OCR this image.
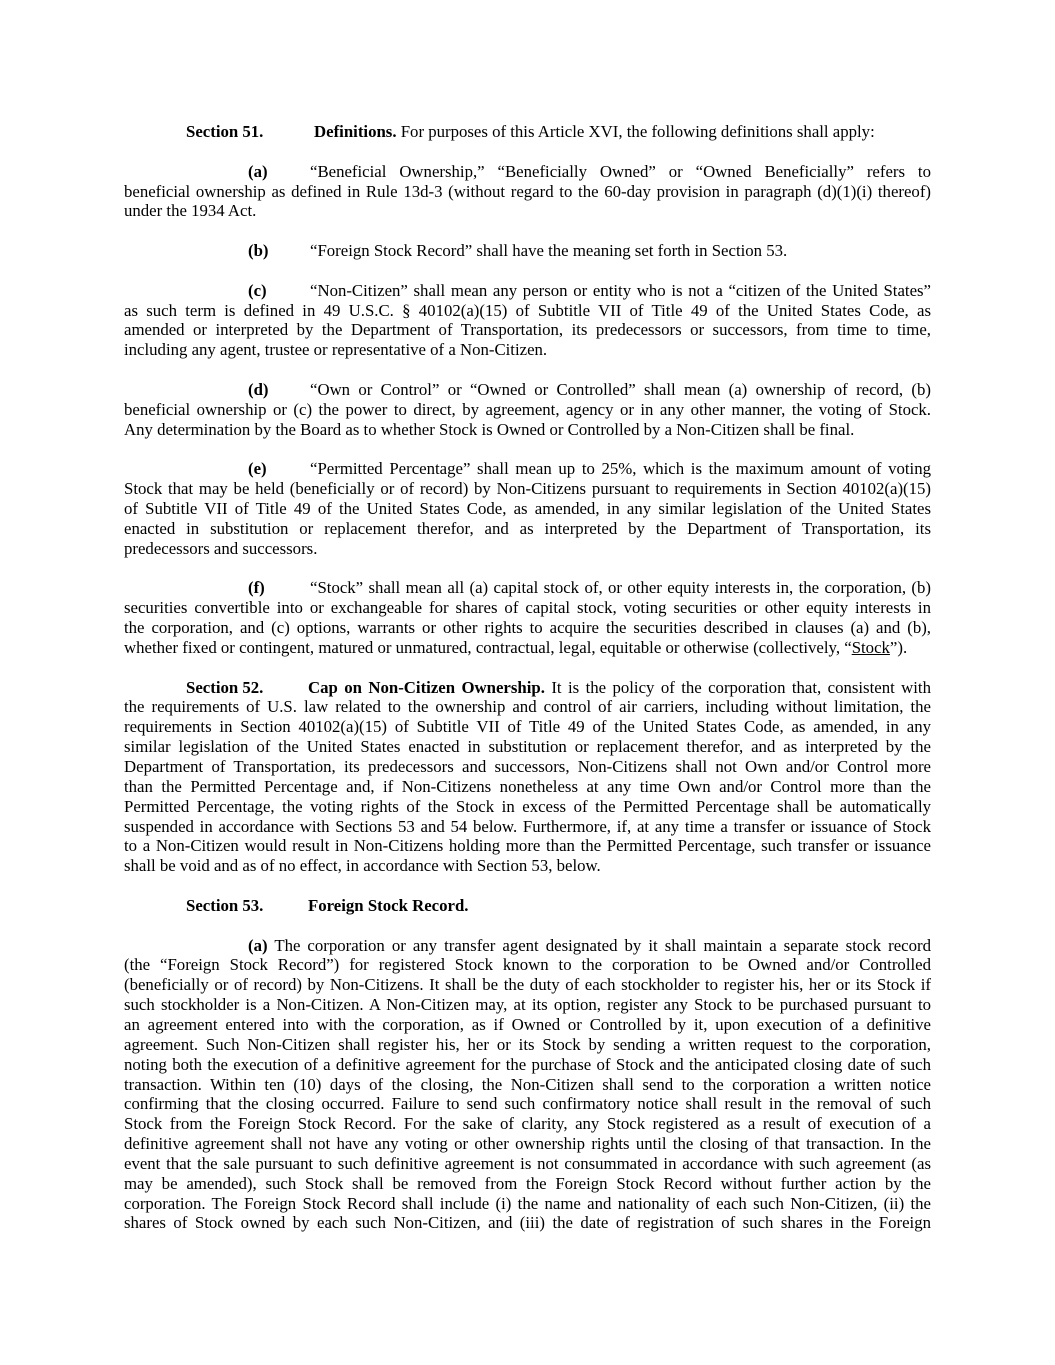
Section 51.	Definitions. For purposes of this Article XVI, the following definitions shall apply:
(a)	“Beneficial Ownership,” “Beneficially Owned” or “Owned Beneficially” refers to
beneficial ownership as defined in Rule 13d-3 (without regard to the 60-day provision in paragraph (d)(1)(i) thereof)
under the 1934 Act.
(b) “Foreign Stock Record” shall have the meaning set forth in Section 53.
(c)	“Non-Citizen” shall mean any person or entity who is not a “citizen of the United States”
as such term is defined in 49 U.S.C. § 40102(a)(15) of Subtitle VII of Title 49 of the United States Code, as
amended or interpreted by the Department of Transportation, its predecessors or successors, from time to time,
including any agent, trustee or representative of a Non-Citizen.
(d) “Own or Control” or “Owned or Controlled” shall mean (a) ownership of record, (b)
beneficial ownership or (c) the power to direct, by agreement, agency or in any other manner, the voting of Stock.
Any determination by the Board as to whether Stock is Owned or Controlled by a Non-Citizen shall be final.
(e)	“Permitted Percentage” shall mean up to 25%, which is the maximum amount of voting
Stock that may be held (beneficially or of record) by Non-Citizens pursuant to requirements in Section 40102(a)(15)
of Subtitle VII of Title 49 of the United States Code, as amended, in any similar legislation of the United States
enacted in substitution or replacement therefor, and as interpreted by the Department of Transportation, its
predecessors and successors.
(f)	“Stock” shall mean all (a) capital stock of, or other equity interests in, the corporation, (b)
securities convertible into or exchangeable for shares of capital stock, voting securities or other equity interests in
the corporation, and (c) options, warrants or other rights to acquire the securities described in clauses (a) and (b),
whether fixed or contingent, matured or unmatured, contractual, legal, equitable or otherwise (collectively, “Stock”).
Section 52.	Cap on Non-Citizen Ownership. It is the policy of the corporation that, consistent with
the requirements of U.S. law related to the ownership and control of air carriers, including without limitation, the
requirements in Section 40102(a)(15) of Subtitle VII of Title 49 of the United States Code, as amended, in any
similar legislation of the United States enacted in substitution or replacement therefor, and as interpreted by the
Department of Transportation, its predecessors and successors, Non-Citizens shall not Own and/or Control more
than the Permitted Percentage and, if Non-Citizens nonetheless at any time Own and/or Control more than the
Permitted Percentage, the voting rights of the Stock in excess of the Permitted Percentage shall be automatically
suspended in accordance with Sections 53 and 54 below. Furthermore, if, at any time a transfer or issuance of Stock
to a Non-Citizen would result in Non-Citizens holding more than the Permitted Percentage, such transfer or issuance
shall be void and as of no effect, in accordance with Section 53, below.
Section 53.	Foreign Stock Record.
(a) The corporation or any transfer agent designated by it shall maintain a separate stock record
(the “Foreign Stock Record”) for registered Stock known to the corporation to be Owned and/or Controlled
(beneficially or of record) by Non-Citizens. It shall be the duty of each stockholder to register his, her or its Stock if
such stockholder is a Non-Citizen. A Non-Citizen may, at its option, register any Stock to be purchased pursuant to
an agreement entered into with the corporation, as if Owned or Controlled by it, upon execution of a definitive
agreement. Such Non-Citizen shall register his, her or its Stock by sending a written request to the corporation,
noting both the execution of a definitive agreement for the purchase of Stock and the anticipated closing date of such
transaction. Within ten (10) days of the closing, the Non-Citizen shall send to the corporation a written notice
confirming that the closing occurred. Failure to send such confirmatory notice shall result in the removal of such
Stock from the Foreign Stock Record. For the sake of clarity, any Stock registered as a result of execution of a
definitive agreement shall not have any voting or other ownership rights until the closing of that transaction. In the
event that the sale pursuant to such definitive agreement is not consummated in accordance with such agreement (as
may be amended), such Stock shall be removed from the Foreign Stock Record without further action by the
corporation. The Foreign Stock Record shall include (i) the name and nationality of each such Non-Citizen, (ii) the
shares of Stock owned by each such Non-Citizen, and (iii) the date of registration of such shares in the Foreign
